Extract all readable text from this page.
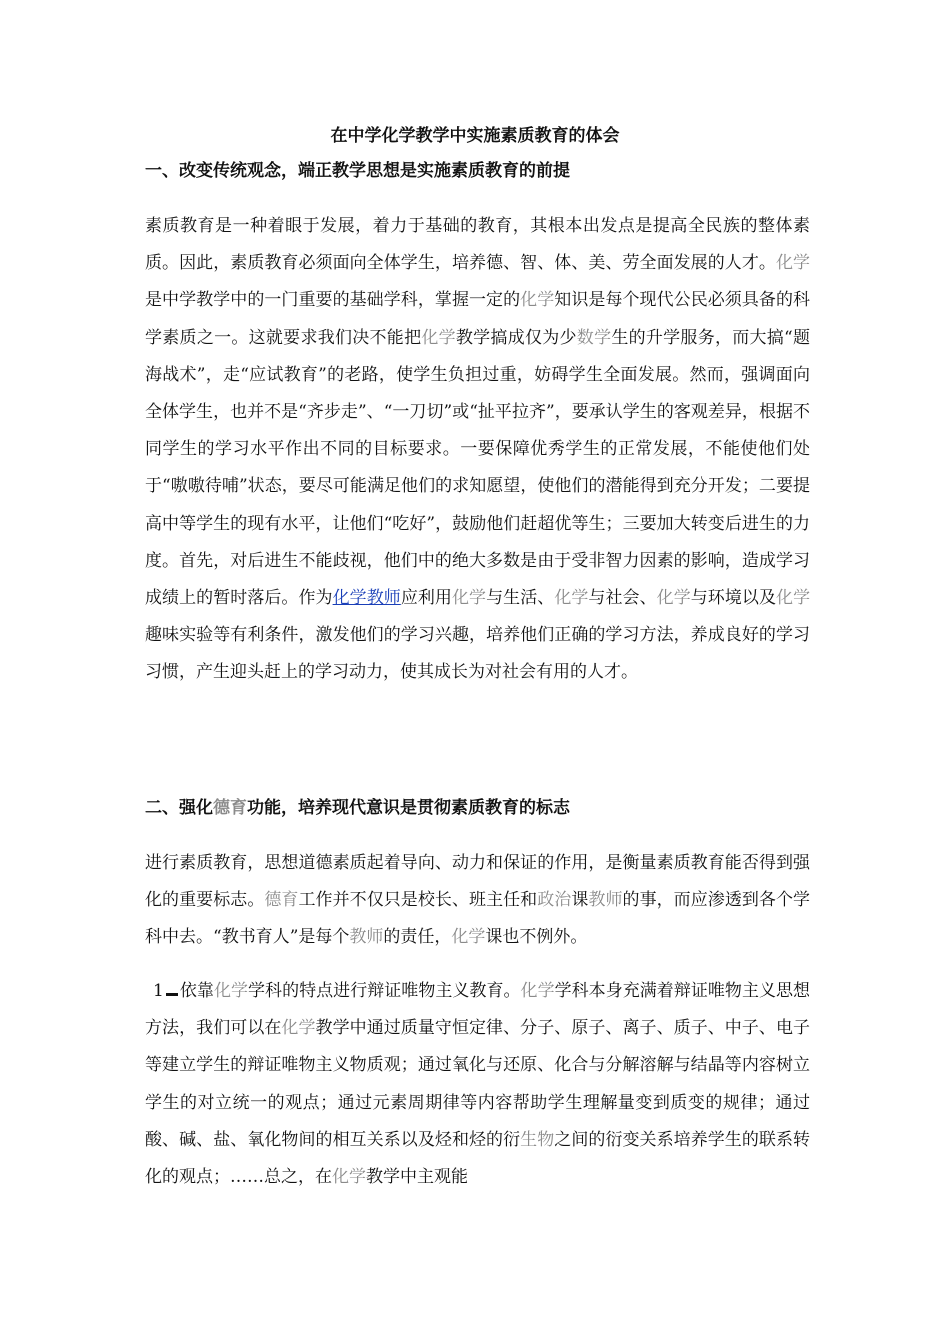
在中学化学教学中实施素质教育的体会
一、改变传统观念，端正教学思想是实施素质教育的前提

素质教育是一种着眼于发展，着力于基础的教育，其根本出发点是提高全民族的整体素质。因此，素质教育必须面向全体学生，培养德、智、体、美、劳全面发展的人才。化学是中学教学中的一门重要的基础学科，掌握一定的化学知识是每个现代公民必须具备的科学素质之一。这就要求我们决不能把化学教学搞成仅为少数学生的升学服务，而大搞“题海战术”，走“应试教育”的老路，使学生负担过重，妨碍学生全面发展。然而，强调面向全体学生，也并不是“齐步走”、“一刀切”或“扯平拉齐”，要承认学生的客观差异，根据不同学生的学习水平作出不同的目标要求。一要保障优秀学生的正常发展，不能使他们处于“嗷嗷待哺”状态，要尽可能满足他们的求知愿望，使他们的潜能得到充分开发；二要提高中等学生的现有水平，让他们“吃好”，鼓励他们赶超优等生；三要加大转变后进生的力度。首先，对后进生不能歧视，他们中的绝大多数是由于受非智力因素的影响，造成学习成绩上的暂时落后。作为化学教师应利用化学与生活、化学与社会、化学与环境以及化学趣味实验等有利条件，激发他们的学习兴趣，培养他们正确的学习方法，养成良好的学习习惯，产生迎头赶上的学习动力，使其成长为对社会有用的人才。

二、强化德育功能，培养现代意识是贯彻素质教育的标志

进行素质教育，思想道德素质起着导向、动力和保证的作用，是衡量素质教育能否得到强化的重要标志。德育工作并不仅只是校长、班主任和政治课教师的事，而应渗透到各个学科中去。“教书育人”是每个教师的责任，化学课也不例外。

1 依靠化学学科的特点进行辩证唯物主义教育。化学学科本身充满着辩证唯物主义思想方法，我们可以在化学教学中通过质量守恒定律、分子、原子、离子、质子、中子、电子等建立学生的辩证唯物主义物质观；通过氧化与还原、化合与分解溶解与结晶等内容树立学生的对立统一的观点；通过元素周期律等内容帮助学生理解量变到质变的规律；通过酸、碱、盐、氧化物间的相互关系以及烃和烃的衍生物之间的衍变关系培养学生的联系转化的观点；……总之，在化学教学中主观能
